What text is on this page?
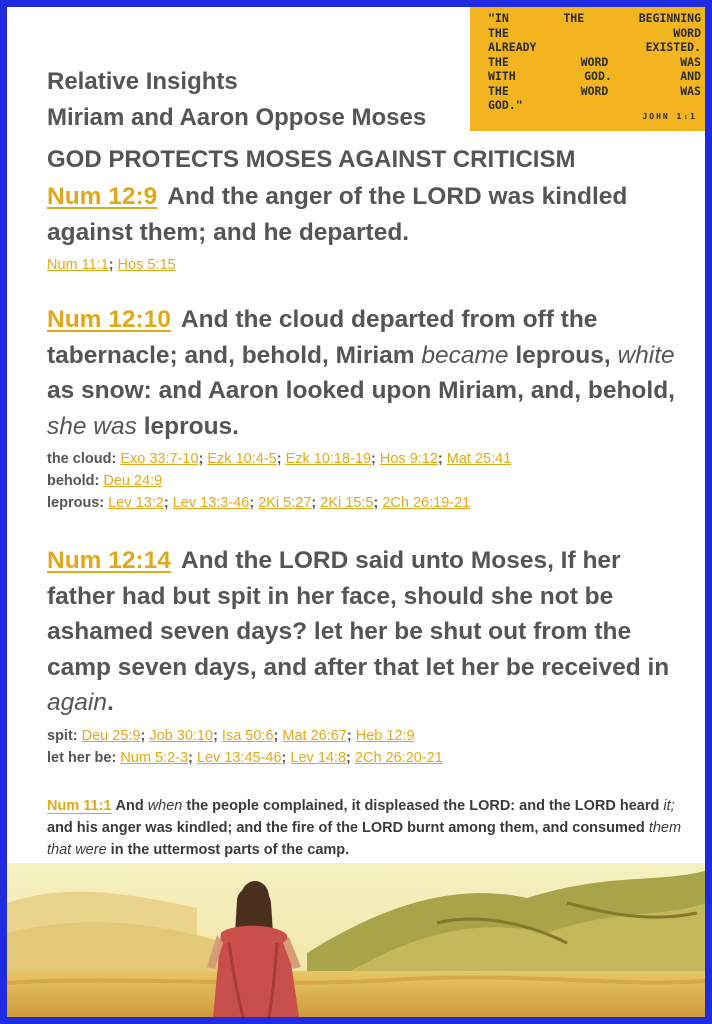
"IN	THE	BEGINNING
THE	WORD
ALREADY	EXISTED.
THE	WORD	WAS
WITH	GOD.	AND
THE	WORD	WAS
GOD."
JOHN 1:1
Relative Insights
Miriam and Aaron Oppose Moses
GOD PROTECTS MOSES AGAINST CRITICISM
Num 12:9 And the anger of the LORD was kindled against them; and he departed.
Num 11:1; Hos 5:15
Num 12:10 And the cloud departed from off the tabernacle; and, behold, Miriam became leprous, white as snow: and Aaron looked upon Miriam, and, behold, she was leprous.
the cloud: Exo 33:7-10; Ezk 10:4-5; Ezk 10:18-19; Hos 9:12; Mat 25:41
behold: Deu 24:9
leprous: Lev 13:2; Lev 13:3-46; 2Ki 5:27; 2Ki 15:5; 2Ch 26:19-21
Num 12:14 And the LORD said unto Moses, If her father had but spit in her face, should she not be ashamed seven days? let her be shut out from the camp seven days, and after that let her be received in again.
spit: Deu 25:9; Job 30:10; Isa 50:6; Mat 26:67; Heb 12:9
let her be: Num 5:2-3; Lev 13:45-46; Lev 14:8; 2Ch 26:20-21
Num 11:1 And when the people complained, it displeased the LORD: and the LORD heard it; and his anger was kindled; and the fire of the LORD burnt among them, and consumed them that were in the uttermost parts of the camp.
